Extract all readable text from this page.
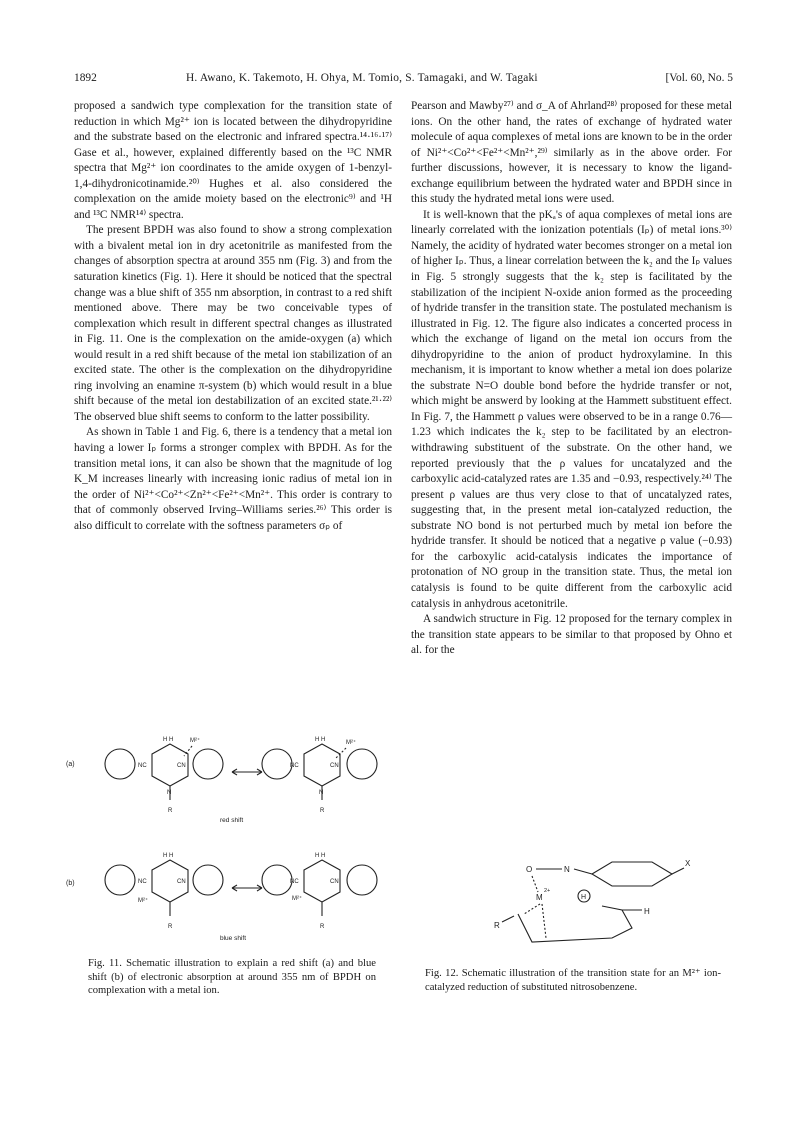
1892	H. Awano, K. Takemoto, H. Ohya, M. Tomio, S. Tamagaki, and W. Tagaki	[Vol. 60, No. 5

proposed a sandwich type complexation for the transition state of reduction in which Mg²⁺ ion is located between the dihydropyridine and the substrate based on the electronic and infrared spectra.¹⁴·¹⁶·¹⁷⁾ Gase et al., however, explained differently based on the ¹³C NMR spectra that Mg²⁺ ion coordinates to the amide oxygen of 1-benzyl-1,4-dihydronicotinamide.²⁰⁾ Hughes et al. also considered the complexation on the amide moiety based on the electronic⁹⁾ and ¹H and ¹³C NMR¹⁴⁾ spectra.

The present BPDH was also found to show a strong complexation with a bivalent metal ion in dry acetonitrile as manifested from the changes of absorption spectra at around 355 nm (Fig. 3) and from the saturation kinetics (Fig. 1). Here it should be noticed that the spectral change was a blue shift of 355 nm absorption, in contrast to a red shift mentioned above. There may be two conceivable types of complexation which result in different spectral changes as illustrated in Fig. 11. One is the complexation on the amide-oxygen (a) which would result in a red shift because of the metal ion stabilization of an excited state. The other is the complexation on the dihydropyridine ring involving an enamine π-system (b) which would result in a blue shift because of the metal ion destabilization of an excited state.²¹·²²⁾ The observed blue shift seems to conform to the latter possibility.

As shown in Table 1 and Fig. 6, there is a tendency that a metal ion having a lower Iₚ forms a stronger complex with BPDH. As for the transition metal ions, it can also be shown that the magnitude of log K_M increases linearly with increasing ionic radius of metal ion in the order of Ni²⁺<Co²⁺<Zn²⁺<Fe²⁺<Mn²⁺. This order is contrary to that of commonly observed Irving–Williams series.²⁶⁾ This order is also difficult to correlate with the softness parameters σₚ of

Pearson and Mawby²⁷⁾ and σ_A of Ahrland²⁸⁾ proposed for these metal ions. On the other hand, the rates of exchange of hydrated water molecule of aqua complexes of metal ions are known to be in the order of Ni²⁺<Co²⁺<Fe²⁺<Mn²⁺,²⁹⁾ similarly as in the above order. For further discussions, however, it is necessary to know the ligand-exchange equilibrium between the hydrated water and BPDH since in this study the hydrated metal ions were used.

It is well-known that the pKₐ's of aqua complexes of metal ions are linearly correlated with the ionization potentials (Iₚ) of metal ions.³⁰⁾ Namely, the acidity of hydrated water becomes stronger on a metal ion of higher Iₚ. Thus, a linear correlation between the k₂ and the Iₚ values in Fig. 5 strongly suggests that the k₂ step is facilitated by the stabilization of the incipient N-oxide anion formed as the proceeding of hydride transfer in the transition state. The postulated mechanism is illustrated in Fig. 12. The figure also indicates a concerted process in which the exchange of ligand on the metal ion occurs from the dihydropyridine to the anion of product hydroxylamine. In this mechanism, it is important to know whether a metal ion does polarize the substrate N=O double bond before the hydride transfer or not, which might be answerd by looking at the Hammett substituent effect. In Fig. 7, the Hammett ρ values were observed to be in a range 0.76—1.23 which indicates the k₂ step to be facilitated by an electron-withdrawing substituent of the substrate. On the other hand, we reported previously that the ρ values for uncatalyzed and the carboxylic acid-catalyzed rates are 1.35 and −0.93, respectively.²⁴⁾ The present ρ values are thus very close to that of uncatalyzed rates, suggesting that, in the present metal ion-catalyzed reduction, the substrate NO bond is not perturbed much by metal ion before the hydride transfer. It should be noticed that a negative ρ value (−0.93) for the carboxylic acid-catalysis indicates the importance of protonation of NO group in the transition state. Thus, the metal ion catalysis is found to be quite different from the carboxylic acid catalysis in anhydrous acetonitrile.

A sandwich structure in Fig. 12 proposed for the ternary complex in the transition state appears to be similar to that proposed by Ohno et al. for the

(a)	NC
H H
CN
N
R
M²⁺
NC
H H
CN
N
R
M²⁺
red shift
(b)	NC
H H
CN
R
M²⁺
NC
H H
CN
R
M²⁺
blue shift
O	N
X
M
2+
H
H
R
Fig. 11. Schematic illustration to explain a red shift (a) and blue shift (b) of electronic absorption at around 355 nm of BPDH on complexation with a metal ion.
Fig. 12. Schematic illustration of the transition state for an M²⁺ ion-catalyzed reduction of substituted nitrosobenzene.
